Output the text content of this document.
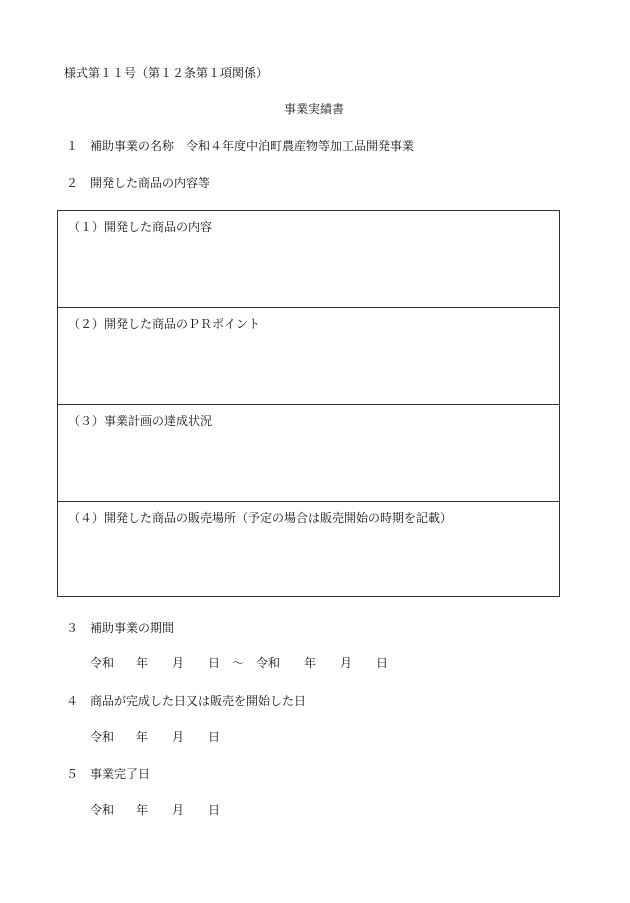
様式第１１号（第１２条第１項関係）
事業実績書
１ 補助事業の名称 令和４年度中泊町農産物等加工品開発事業
２ 開発した商品の内容等
（１）開発した商品の内容
（２）開発した商品のＰＲポイント
（３）事業計画の達成状況
（４）開発した商品の販売場所（予定の場合は販売開始の時期を記載）
３ 補助事業の期間
令和 年 月 日 ～ 令和 年 月 日
４ 商品が完成した日又は販売を開始した日
令和 年 月 日
５ 事業完了日
令和 年 月 日
